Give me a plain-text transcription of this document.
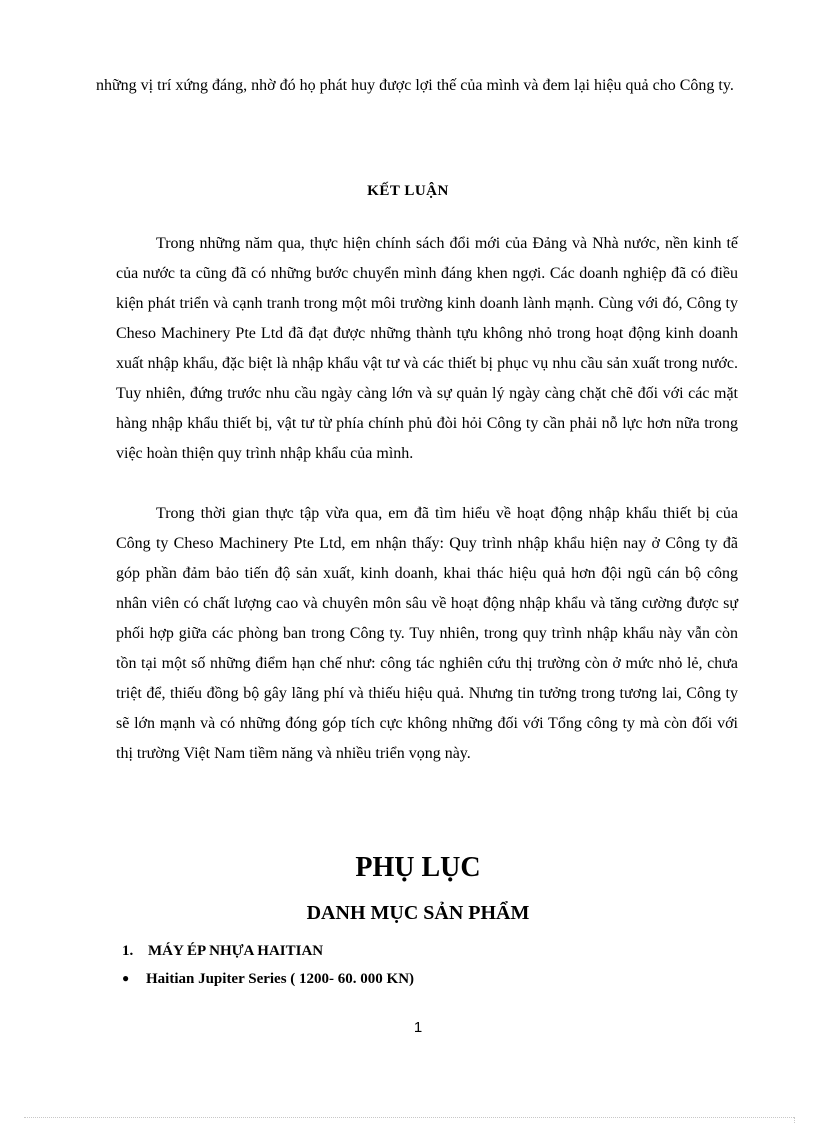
những vị trí xứng đáng, nhờ đó họ phát huy được lợi thế của mình và đem lại hiệu quả cho Công ty.

KẾT LUẬN

Trong những năm qua, thực hiện chính sách đổi mới của Đảng và Nhà nước, nền kinh tế của nước ta cũng đã có những bước chuyển mình đáng khen ngợi. Các doanh nghiệp đã có điều kiện phát triển và cạnh tranh trong một môi trường kinh doanh lành mạnh. Cùng với đó, Công ty Cheso Machinery Pte Ltd đã đạt được những thành tựu không nhỏ trong hoạt động kinh doanh xuất nhập khẩu, đặc biệt là nhập khẩu vật tư và các thiết bị phục vụ nhu cầu sản xuất trong nước. Tuy nhiên, đứng trước nhu cầu ngày càng lớn và sự quản lý ngày càng chặt chẽ đối với các mặt hàng nhập khẩu thiết bị, vật tư từ phía chính phủ đòi hỏi Công ty cần phải nỗ lực hơn nữa trong việc hoàn thiện quy trình nhập khẩu của mình.

Trong thời gian thực tập vừa qua, em đã tìm hiểu về hoạt động nhập khẩu thiết bị của Công ty Cheso Machinery Pte Ltd, em nhận thấy: Quy trình nhập khẩu hiện nay ở Công ty đã góp phần đảm bảo tiến độ sản xuất, kinh doanh, khai thác hiệu quả hơn đội ngũ cán bộ công nhân viên có chất lượng cao và chuyên môn sâu về hoạt động nhập khẩu và tăng cường được sự phối hợp giữa các phòng ban trong Công ty. Tuy nhiên, trong quy trình nhập khẩu này vẫn còn tồn tại một số những điểm hạn chế như: công tác nghiên cứu thị trường còn ở mức nhỏ lẻ, chưa triệt để, thiếu đồng bộ gây lãng phí và thiếu hiệu quả. Nhưng tin tưởng trong tương lai, Công ty sẽ lớn mạnh và có những đóng góp tích cực không những đối với Tổng công ty mà còn đối với thị trường Việt Nam tiềm năng và nhiều triển vọng này.

PHỤ LỤC
DANH MỤC SẢN PHẨM

1. MÁY ÉP NHỰA HAITIAN

● Haitian Jupiter Series ( 1200- 60. 000 KN)

1
